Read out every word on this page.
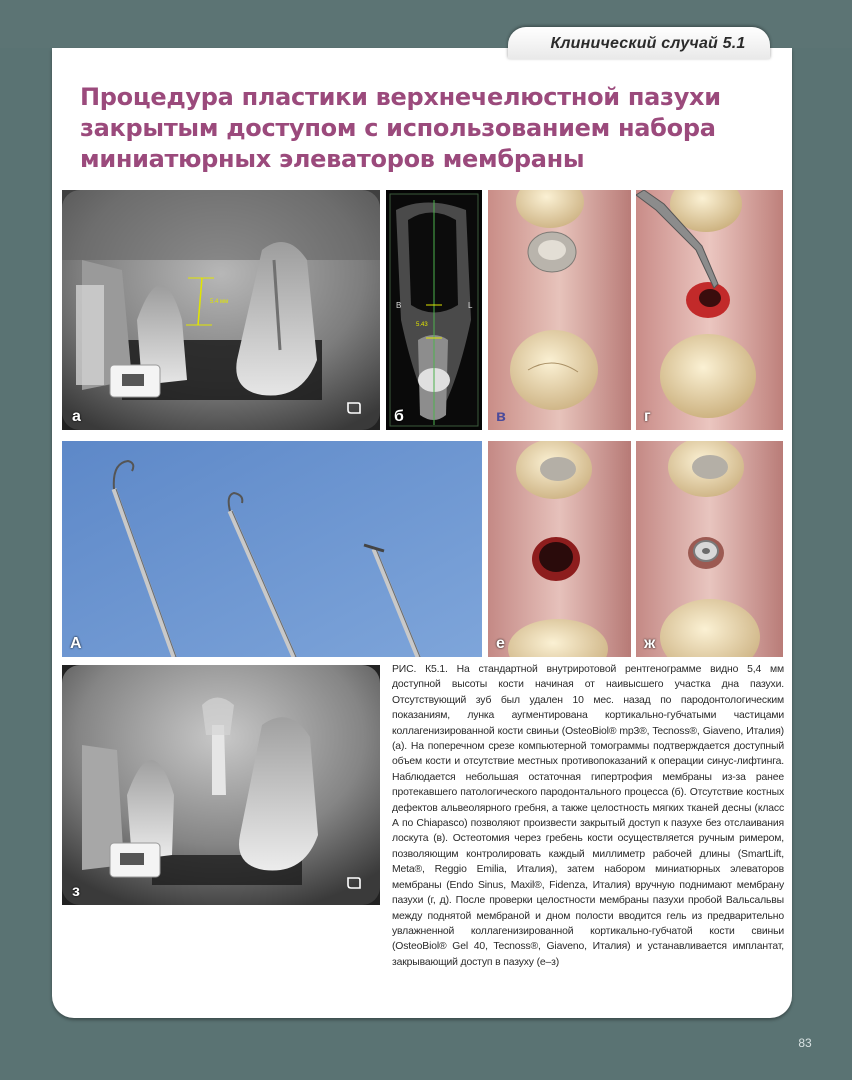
Клинический случай 5.1
Процедура пластики верхнечелюстной пазухи закрытым доступом с использованием набора миниатюрных элеваторов мембраны
5.4 мм
а
B	L
5.43
б	в	г
А	е	ж
з

РИС. К5.1. На стандартной внутриротовой рентгенограмме видно 5,4 мм доступной высоты кости начиная от наивысшего участка дна пазухи. Отсутствующий зуб был удален 10 мес. назад по пародонтологическим показаниям, лунка аугментирована кортикально-губчатыми частицами коллагенизированной кости свиньи (OsteoBiol® mp3®, Tecnoss®, Giaveno, Италия) (а). На поперечном срезе компьютерной томограммы подтверждается доступный объем кости и отсутствие местных противопоказаний к операции синус-лифтинга. Наблюдается небольшая остаточная гипертрофия мембраны из-за ранее протекавшего патологического пародонтального процесса (б). Отсутствие костных дефектов альвеолярного гребня, а также целостность мягких тканей десны (класс А по Chiapasco) позволяют произвести закрытый доступ к пазухе без отслаивания лоскута (в). Остеотомия через гребень кости осуществляется ручным римером, позволяющим контролировать каждый миллиметр рабочей длины (SmartLift, Meta®, Reggio Emilia, Италия), затем набором миниатюрных элеваторов мембраны (Endo Sinus, Maxil®, Fidenza, Италия) вручную поднимают мембрану пазухи (г, д). После проверки целостности мембраны пазухи пробой Вальсальвы между поднятой мембраной и дном полости вводится гель из предварительно увлажненной коллагенизированной кортикально-губчатой кости свиньи (OsteoBiol® Gel 40, Tecnoss®, Giaveno, Италия) и устанавливается имплантат, закрывающий доступ в пазуху (е–з)

83
